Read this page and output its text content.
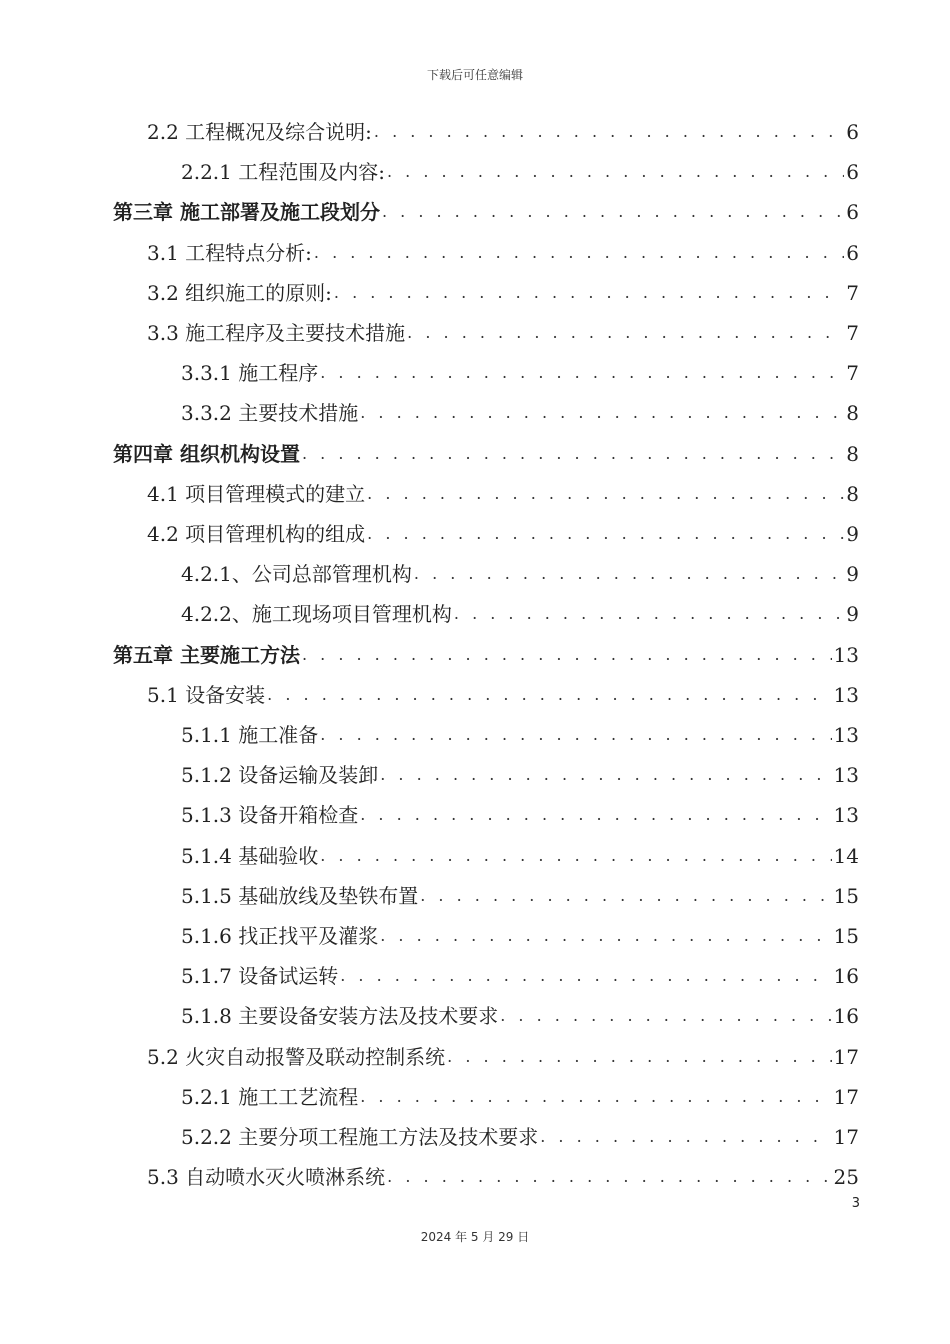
下载后可任意编辑
2.2 工程概况及综合说明: . . .	6
2.2.1 工程范围及内容: . . .	6
第三章 施工部署及施工段划分 . . .	6
3.1 工程特点分析: . . .	6
3.2 组织施工的原则: . . .	7
3.3 施工程序及主要技术措施 . . .	7
3.3.1 施工程序 . . .	7
3.3.2 主要技术措施 . . .	8
第四章 组织机构设置 . . .	8
4.1 项目管理模式的建立 . . .	8
4.2 项目管理机构的组成 . . .	9
4.2.1、公司总部管理机构 . . .	9
4.2.2、施工现场项目管理机构 . . .	9
第五章 主要施工方法 . . .	13
5.1 设备安装 . . .	13
5.1.1 施工准备 . . .	13
5.1.2 设备运输及装卸 . . .	13
5.1.3 设备开箱检查 . . .	13
5.1.4 基础验收 . . .	14
5.1.5 基础放线及垫铁布置 . . .	15
5.1.6 找正找平及灌浆 . . .	15
5.1.7 设备试运转 . . .	16
5.1.8 主要设备安装方法及技术要求 . . .	16
5.2 火灾自动报警及联动控制系统 . . .	17
5.2.1 施工工艺流程 . . .	17
5.2.2 主要分项工程施工方法及技术要求 . . .	17
5.3 自动喷水灭火喷淋系统 . . .	25
3
2024 年 5 月 29 日
